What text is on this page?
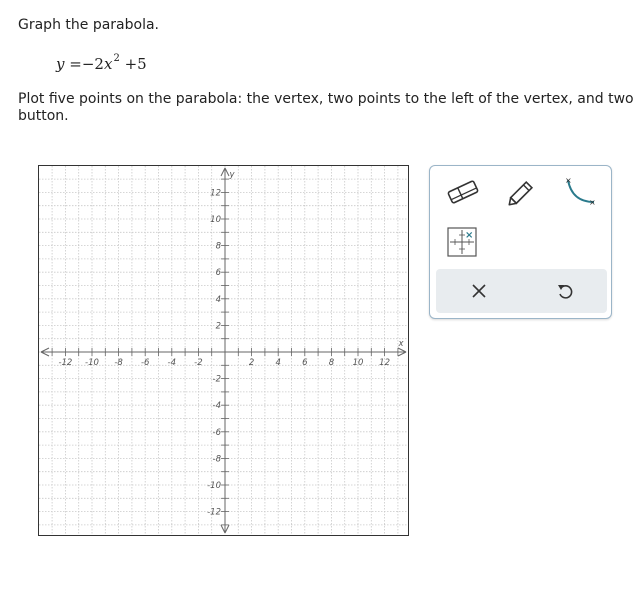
Graph the parabola.
$y =-2x^2 +5$
Plot five points on the parabola: the vertex, two points to the left of the vertex, and two
button.
-12 -10 -8 -6 -4 -2	2 4 6 8 10 12
12
10
8
6
4
2
-2
-4
-6
-8
-10
-12
x
y
×
×
×
